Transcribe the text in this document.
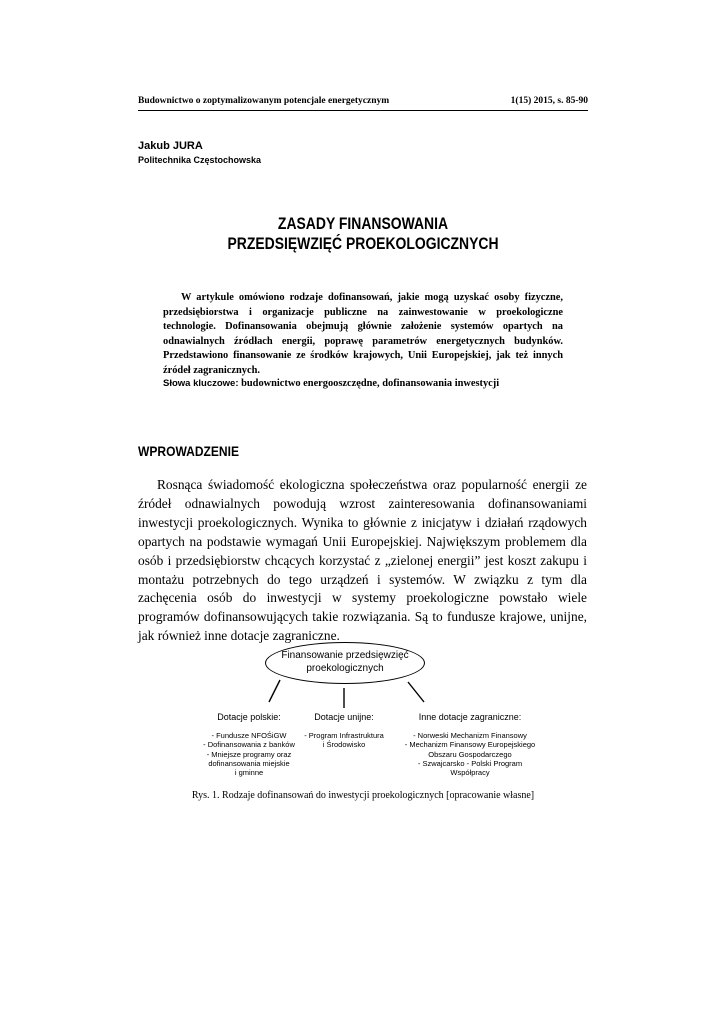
Budownictwo o zoptymalizowanym potencjale energetycznym	1(15) 2015, s. 85-90
Jakub JURA
Politechnika Częstochowska
ZASADY FINANSOWANIA
PRZEDSIĘWZIĘĆ PROEKOLOGICZNYCH
W artykule omówiono rodzaje dofinansowań, jakie mogą uzyskać osoby fizyczne, przedsiębiorstwa i organizacje publiczne na zainwestowanie w proekologiczne technologie. Dofinansowania obejmują głównie założenie systemów opartych na odnawialnych źródłach energii, poprawę parametrów energetycznych budynków. Przedstawiono finansowanie ze środków krajowych, Unii Europejskiej, jak też innych źródeł zagranicznych.
Słowa kluczowe: budownictwo energooszczędne, dofinansowania inwestycji
WPROWADZENIE
Rosnąca świadomość ekologiczna społeczeństwa oraz popularność energii ze źródeł odnawialnych powodują wzrost zainteresowania dofinansowaniami inwestycji proekologicznych. Wynika to głównie z inicjatyw i działań rządowych opartych na podstawie wymagań Unii Europejskiej. Największym problemem dla osób i przedsiębiorstw chcących korzystać z „zielonej energii” jest koszt zakupu i montażu potrzebnych do tego urządzeń i systemów. W związku z tym dla zachęcenia osób do inwestycji w systemy proekologiczne powstało wiele programów dofinansowujących takie rozwiązania. Są to fundusze krajowe, unijne, jak również inne dotacje zagraniczne.
Finansowanie przedsięwzięć
proekologicznych
Dotacje polskie:	Dotacje unijne:	Inne dotacje zagraniczne:
- Fundusze NFOŚiGW
- Dofinansowania z banków
- Mniejsze programy oraz
dofinansowania miejskie
i gminne
- Program Infrastruktura
i Środowisko
- Norweski Mechanizm Finansowy
- Mechanizm Finansowy Europejskiego
Obszaru Gospodarczego
- Szwajcarsko - Polski Program
Współpracy
Rys. 1. Rodzaje dofinansowań do inwestycji proekologicznych [opracowanie własne]
